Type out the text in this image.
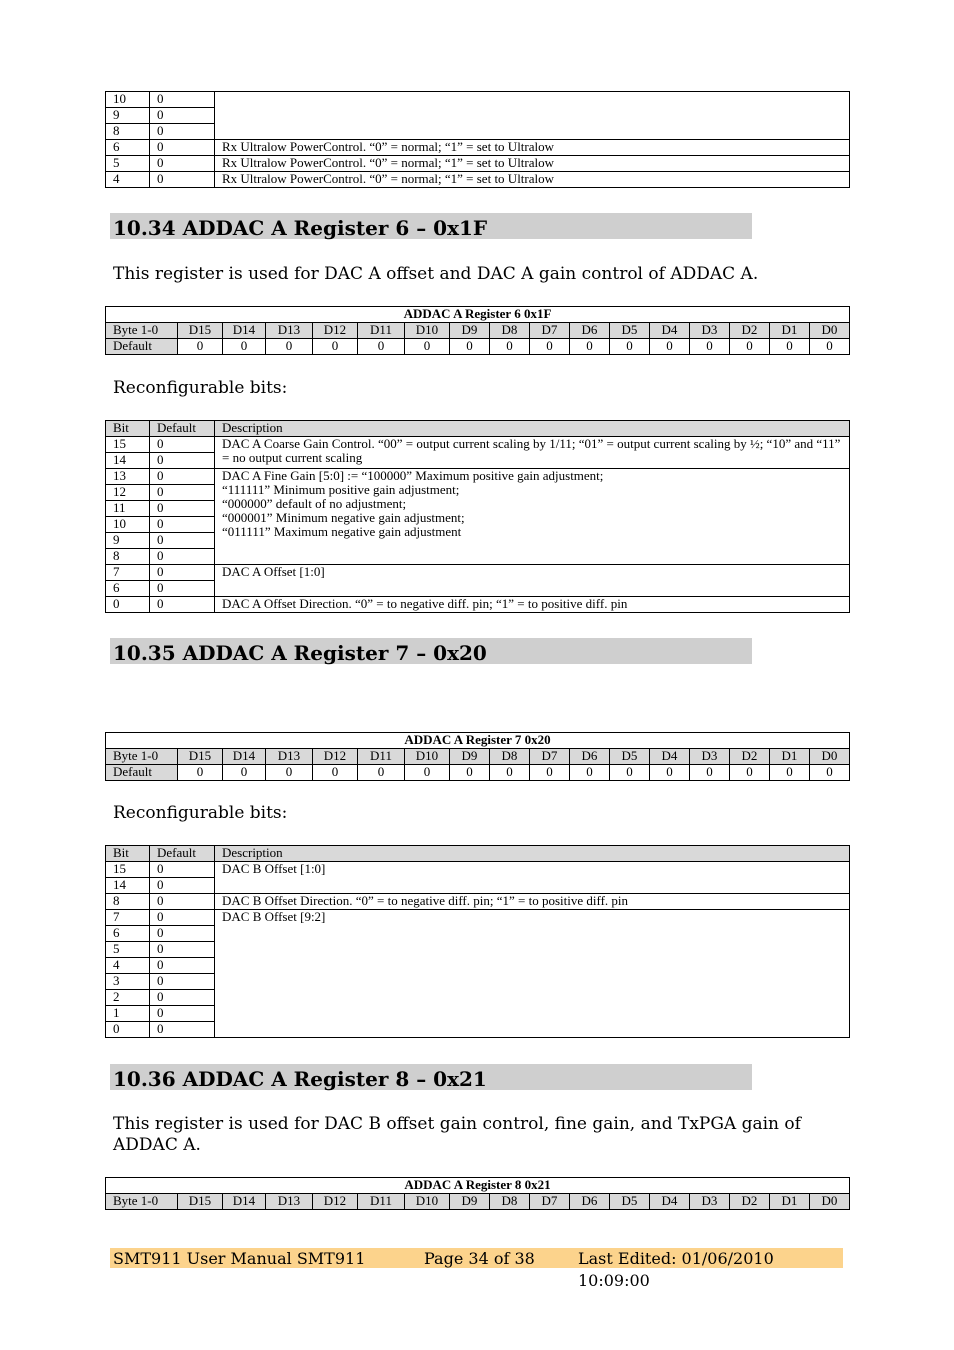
10	0	
9	0	
8	0	
6	0	Rx Ultralow PowerControl. “0” = normal; “1” = set to Ultralow
5	0	Rx Ultralow PowerControl. “0” = normal; “1” = set to Ultralow
4	0	Rx Ultralow PowerControl. “0” = normal; “1” = set to Ultralow
10.34 ADDAC A Register 6 – 0x1F
This register is used for DAC A offset and DAC A gain control of ADDAC A.
ADDAC A Register 6 0x1F																
Byte 1-0	D15	D14	D13	D12	D11	D10	D9	D8	D7	D6	D5	D4	D3	D2	D1	D0
Default	0	0	0	0	0	0	0	0	0	0	0	0	0	0	0	0
Reconfigurable bits:
Bit	Default	Description
15	0	DAC A Coarse Gain Control. “00” = output current scaling by 1/11; “01” = output current scaling by ½; “10” and “11” = no output current scaling
14	0	
13	0	DAC A Fine Gain [5:0] := “100000” Maximum positive gain adjustment;
“111111” Minimum positive gain adjustment;
“000000” default of no adjustment;
“000001” Minimum negative gain adjustment;
“011111” Maximum negative gain adjustment

12	0	
11	0	
10	0	
9	0	
8	0	
7	0	DAC A Offset [1:0]
6	0	
0	0	DAC A Offset Direction. “0” = to negative diff. pin; “1” = to positive diff. pin
10.35 ADDAC A Register 7 – 0x20
ADDAC A Register 7 0x20																
Byte 1-0	D15	D14	D13	D12	D11	D10	D9	D8	D7	D6	D5	D4	D3	D2	D1	D0
Default	0	0	0	0	0	0	0	0	0	0	0	0	0	0	0	0
Reconfigurable bits:
Bit	Default	Description
15	0	DAC B Offset [1:0]
14	0	
8	0	DAC B Offset Direction. “0” = to negative diff. pin; “1” = to positive diff. pin
7	0	DAC B Offset [9:2]
6	0	
5	0	
4	0	
3	0	
2	0	
1	0	
0	0	
10.36 ADDAC A Register 8 – 0x21
This register is used for DAC B offset gain control, fine gain, and TxPGA gain of ADDAC A.
ADDAC A Register 8 0x21
Byte 1-0	D15	D14	D13	D12	D11	D10	D9	D8	D7	D6	D5	D4	D3	D2	D1	D0
SMT911 User Manual SMT911	Page 34 of 38	Last Edited: 01/06/2010 10:09:00
